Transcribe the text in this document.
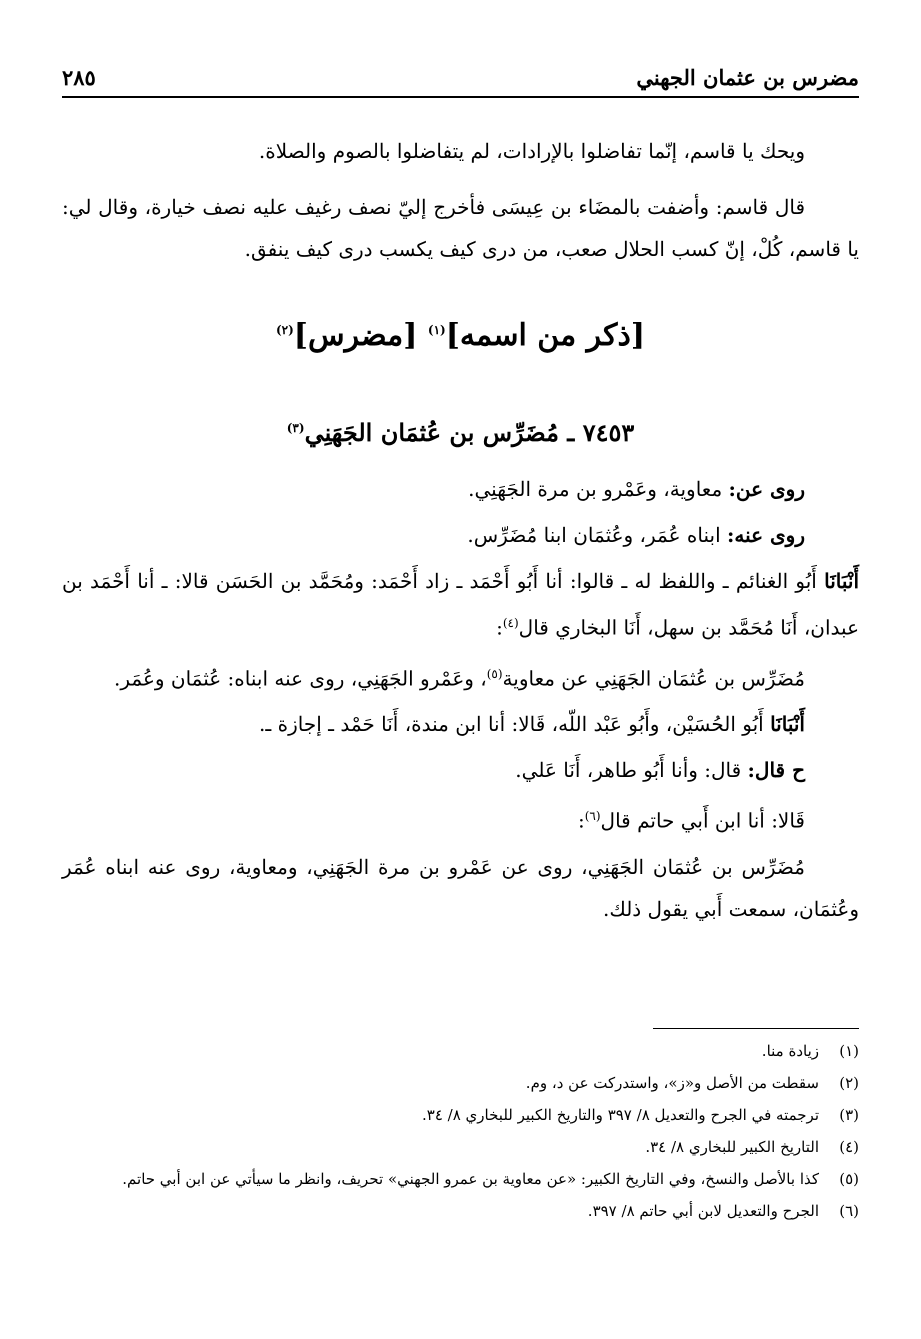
مضرس بن عثمان الجهني
٢٨٥

ويحك يا قاسم، إنّما تفاضلوا بالإرادات، لم يتفاضلوا بالصوم والصلاة.

قال قاسم: وأضفت بالمضَاء بن عِيسَى فأخرج إليّ نصف رغيف عليه نصف خيارة، وقال لي: يا قاسم، كُلْ، إنّ كسب الحلال صعب، من درى كيف يكسب درى كيف ينفق.

[ذكر من اسمه]$^{(١)}$ [مضرس]$^{(٢)}$
٧٤٥٣ ـ مُضَرِّس بن عُثمَان الجَهَنِي$^{(٣)}$

روى عن: معاوية، وعَمْرو بن مرة الجَهَنِي.

روى عنه: ابناه عُمَر، وعُثمَان ابنا مُضَرِّس.

أَنْبَانَا أَبُو الغنائم ـ واللفظ له ـ قالوا: أنا أَبُو أَحْمَد ـ زاد أَحْمَد: ومُحَمَّد بن الحَسَن قالا: ـ أنا أَحْمَد بن عبدان، أَنَا مُحَمَّد بن سهل، أَنَا البخاري قال$^{(٤)}$:

مُضَرِّس بن عُثمَان الجَهَنِي عن معاوية$^{(٥)}$، وعَمْرو الجَهَنِي، روى عنه ابناه: عُثمَان وعُمَر.

أَنْبَانَا أَبُو الحُسَيْن، وأَبُو عَبْد اللّه، قَالا: أنا ابن مندة، أَنَا حَمْد ـ إجازة ـ.

ح قال: قال: وأنا أَبُو طاهر، أَنَا عَلي.

قَالا: أنا ابن أَبي حاتم قال$^{(٦)}$:

مُضَرِّس بن عُثمَان الجَهَنِي، روى عن عَمْرو بن مرة الجَهَنِي، ومعاوية، روى عنه ابناه عُمَر وعُثمَان، سمعت أَبي يقول ذلك.

(١)
زيادة منا.
(٢)
سقطت من الأصل و«ز»، واستدركت عن د، وم.
(٣)
ترجمته في الجرح والتعديل ٨/ ٣٩٧ والتاريخ الكبير للبخاري ٨/ ٣٤.
(٤)
التاريخ الكبير للبخاري ٨/ ٣٤.
(٥)
كذا بالأصل والنسخ، وفي التاريخ الكبير: «عن معاوية بن عمرو الجهني» تحريف، وانظر ما سيأتي عن ابن أبي حاتم.
(٦)
الجرح والتعديل لابن أبي حاتم ٨/ ٣٩٧.
